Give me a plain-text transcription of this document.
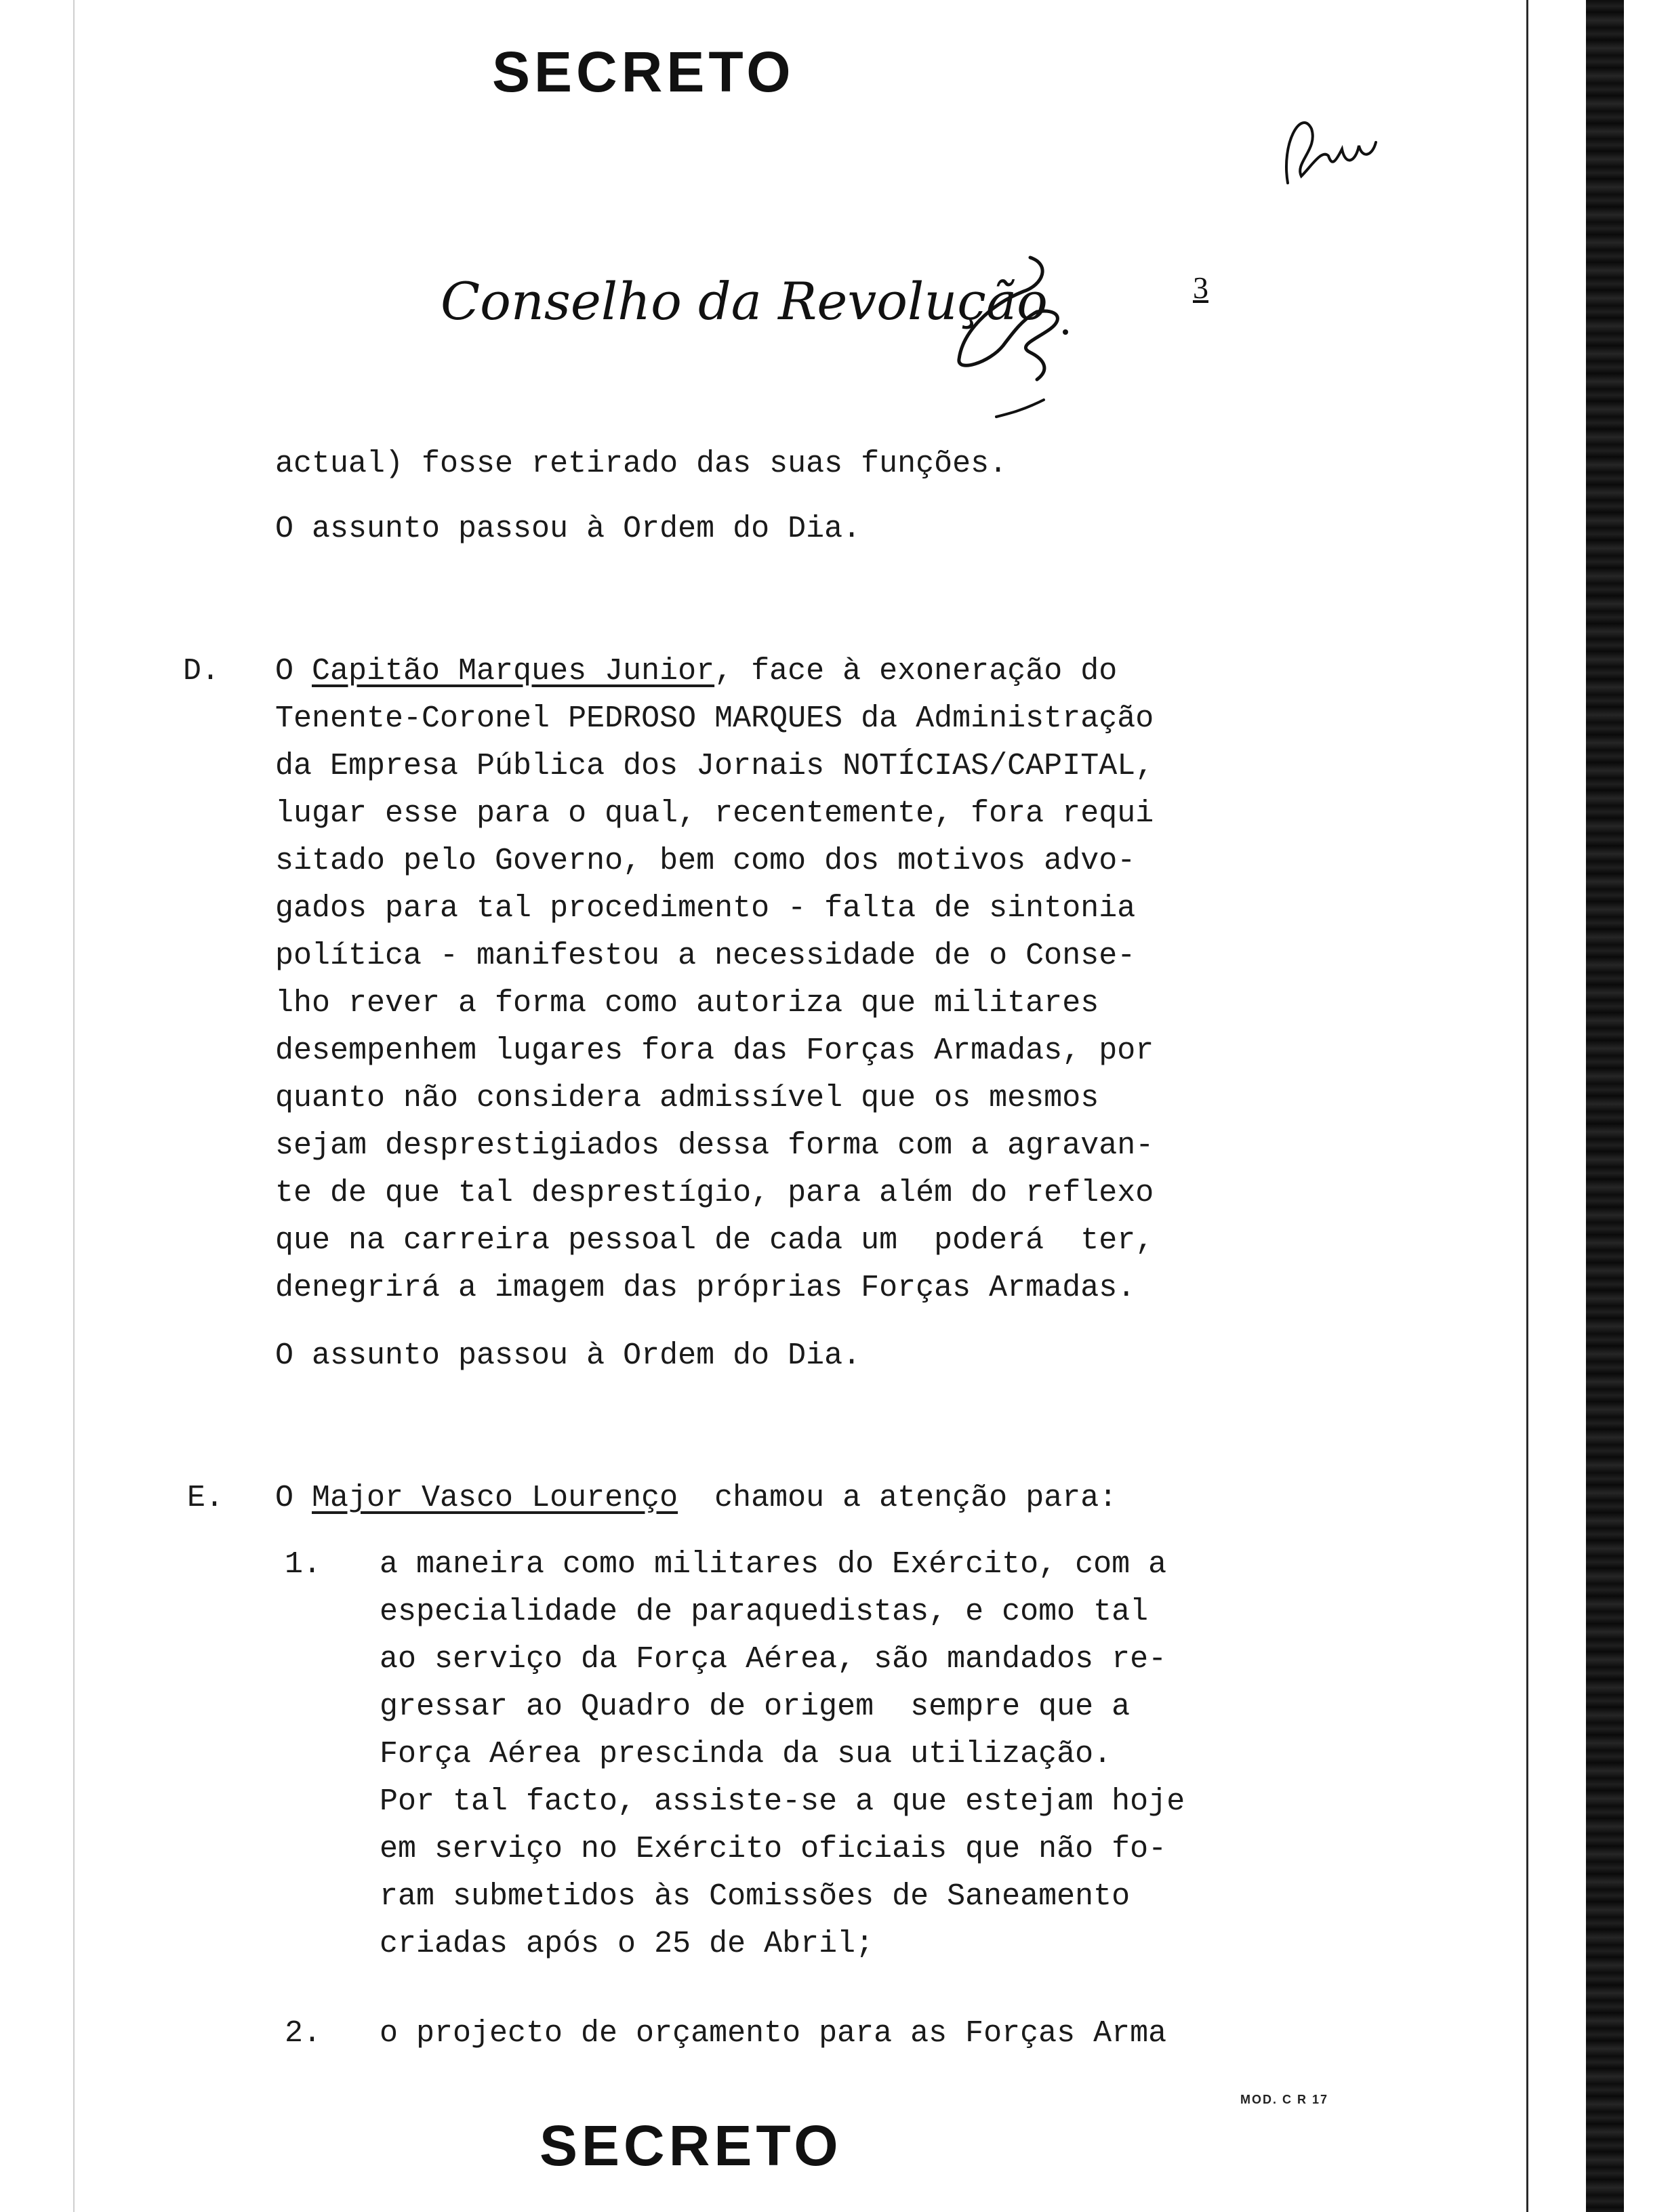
SECRETO
Conselho da Revolução	3
actual) fosse retirado das suas funções.
O assunto passou à Ordem do Dia.
D. O Capitão Marques Junior, face à exoneração do
Tenente-Coronel PEDROSO MARQUES da Administração
da Empresa Pública dos Jornais NOTÍCIAS/CAPITAL,
lugar esse para o qual, recentemente, fora requi
sitado pelo Governo, bem como dos motivos advo-
gados para tal procedimento - falta de sintonia
política - manifestou a necessidade de o Conse-
lho rever a forma como autoriza que militares
desempenhem lugares fora das Forças Armadas, por
quanto não considera admissível que os mesmos
sejam desprestigiados dessa forma com a agravan-
te de que tal desprestígio, para além do reflexo
que na carreira pessoal de cada um  poderá  ter,
denegrirá a imagem das próprias Forças Armadas.
O assunto passou à Ordem do Dia.
E. O Major Vasco Lourenço  chamou a atenção para:
1. a maneira como militares do Exército, com a
especialidade de paraquedistas, e como tal
ao serviço da Força Aérea, são mandados re-
gressar ao Quadro de origem  sempre que a
Força Aérea prescinda da sua utilização.
Por tal facto, assiste-se a que estejam hoje
em serviço no Exército oficiais que não fo-
ram submetidos às Comissões de Saneamento
criadas após o 25 de Abril;
2. o projecto de orçamento para as Forças Arma
MOD. C R 17
SECRETO
